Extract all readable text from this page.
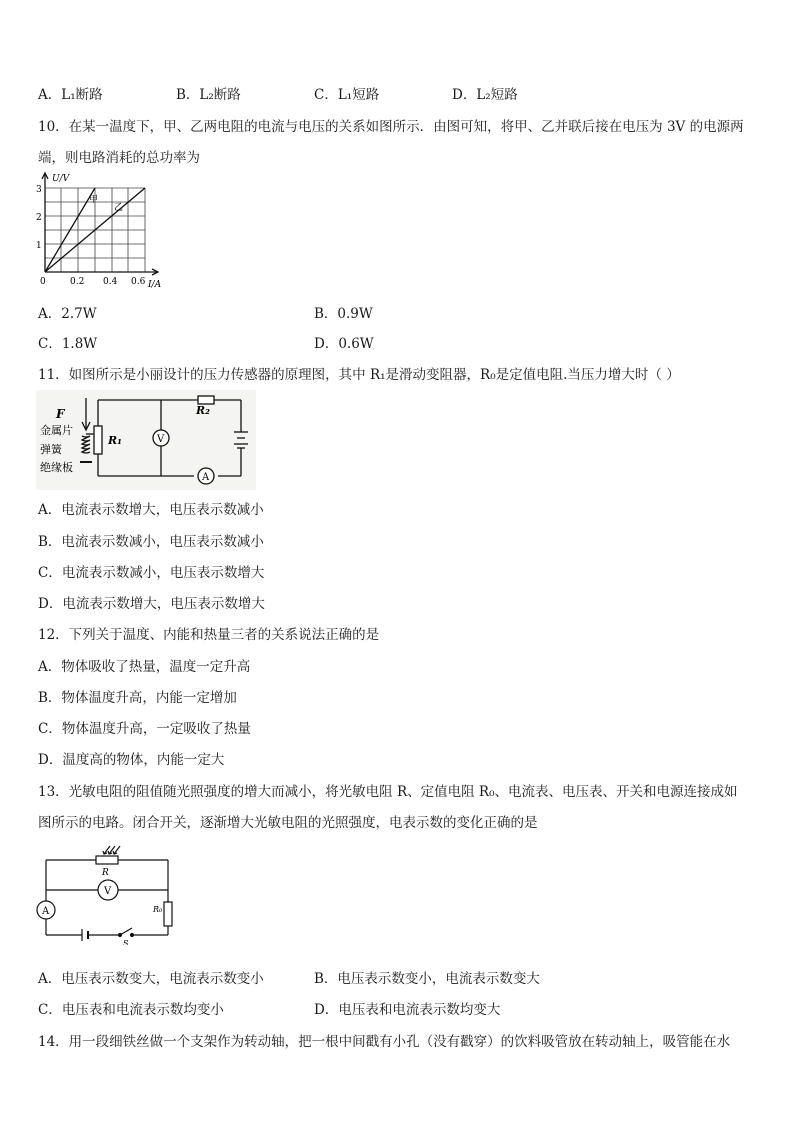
A．L₁断路	B．L₂断路	C．L₁短路	D．L₂短路
10．在某一温度下，甲、乙两电阻的电流与电压的关系如图所示．由图可知，将甲、乙并联后接在电压为 3V 的电源两
端，则电路消耗的总功率为
U/V
I/A
3
2
1
0	0.2 0.4 0.6
甲
乙
A．2.7W	B．0.9W
C．1.8W	D．0.6W
11．如图所示是小丽设计的压力传感器的原理图，其中 R₁是滑动变阻器，R₀是定值电阻.当压力增大时（ ）
F
金属片
弹簧
绝缘板
R₁
R₂
V
A
A．电流表示数增大，电压表示数减小
B．电流表示数减小，电压表示数减小
C．电流表示数减小，电压表示数增大
D．电流表示数增大，电压表示数增大
12．下列关于温度、内能和热量三者的关系说法正确的是
A．物体吸收了热量，温度一定升高
B．物体温度升高，内能一定增加
C．物体温度升高，一定吸收了热量
D．温度高的物体，内能一定大
13．光敏电阻的阻值随光照强度的增大而减小，将光敏电阻 R、定值电阻 R₀、电流表、电压表、开关和电源连接成如
图所示的电路。闭合开关，逐渐增大光敏电阻的光照强度，电表示数的变化正确的是
R
R₀
V
A
S
A．电压表示数变大，电流表示数变小	B．电压表示数变小，电流表示数变大
C．电压表和电流表示数均变小	D．电压表和电流表示数均变大
14．用一段细铁丝做一个支架作为转动轴，把一根中间戳有小孔（没有戳穿）的饮料吸管放在转动轴上，吸管能在水
